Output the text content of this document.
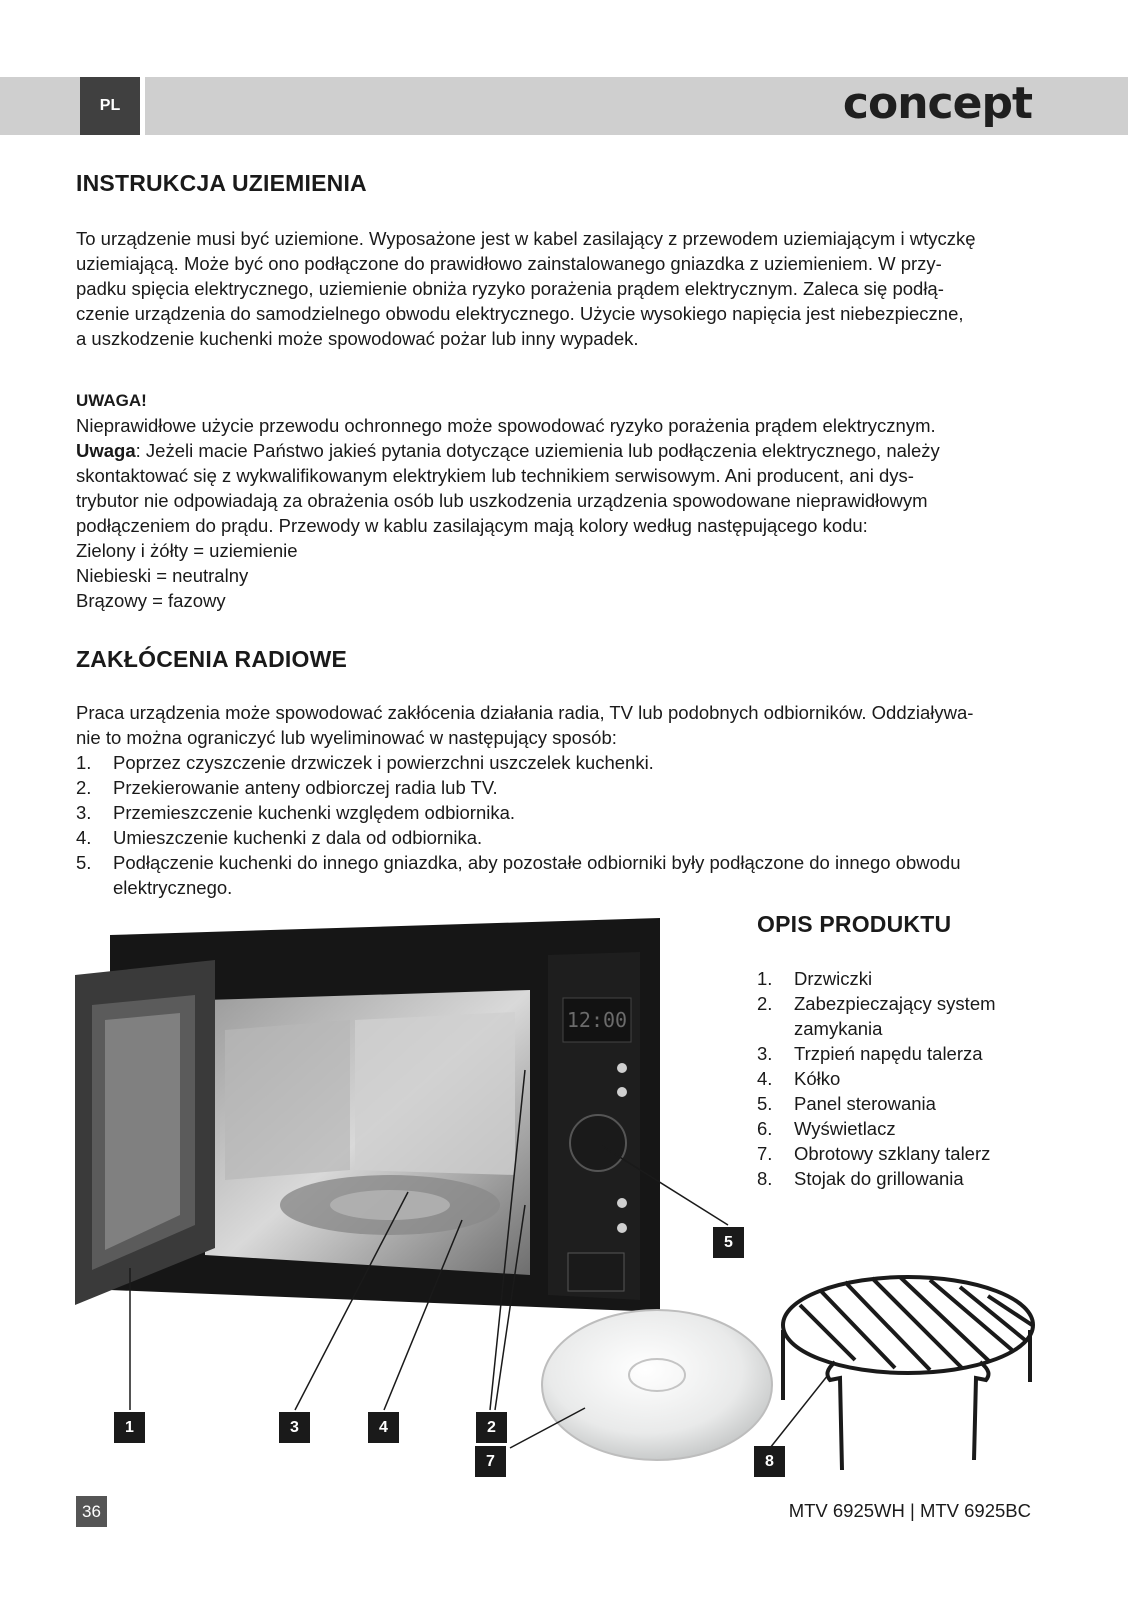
PL	concept
INSTRUKCJA UZIEMIENIA
To urządzenie musi być uziemione. Wyposażone jest w kabel zasilający z przewodem uziemiającym i wtyczkę
uziemiającą. Może być ono podłączone do prawidłowo zainstalowanego gniazdka z uziemieniem. W przy-
padku spięcia elektrycznego, uziemienie obniża ryzyko porażenia prądem elektrycznym. Zaleca się podłą-
czenie urządzenia do samodzielnego obwodu elektrycznego. Użycie wysokiego napięcia jest niebezpieczne,
a uszkodzenie kuchenki może spowodować pożar lub inny wypadek.
UWAGA!
Nieprawidłowe użycie przewodu ochronnego może spowodować ryzyko porażenia prądem elektrycznym.
Uwaga: Jeżeli macie Państwo jakieś pytania dotyczące uziemienia lub podłączenia elektrycznego, należy
skontaktować się z wykwalifikowanym elektrykiem lub technikiem serwisowym. Ani producent, ani dys-
trybutor nie odpowiadają za obrażenia osób lub uszkodzenia urządzenia spowodowane nieprawidłowym
podłączeniem do prądu. Przewody w kablu zasilającym mają kolory według następującego kodu:
Zielony i żółty = uziemienie
Niebieski = neutralny
Brązowy = fazowy
ZAKŁÓCENIA RADIOWE
Praca urządzenia może spowodować zakłócenia działania radia, TV lub podobnych odbiorników. Oddziaływa-
nie to można ograniczyć lub wyeliminować w następujący sposób:
1. Poprzez czyszczenie drzwiczek i powierzchni uszczelek kuchenki.
2. Przekierowanie anteny odbiorczej radia lub TV.
3. Przemieszczenie kuchenki względem odbiornika.
4. Umieszczenie kuchenki z dala od odbiornika.
5. Podłączenie kuchenki do innego gniazdka, aby pozostałe odbiorniki były podłączone do innego obwodu
elektrycznego.
OPIS PRODUKTU
1. Drzwiczki
2. Zabezpieczający system
zamykania
3. Trzpień napędu talerza
4. Kółko
5. Panel sterowania
6. Wyświetlacz
7. Obrotowy szklany talerz
8. Stojak do grillowania
12:00
1	3	4	2
5
7	8
36	MTV 6925WH | MTV 6925BC
